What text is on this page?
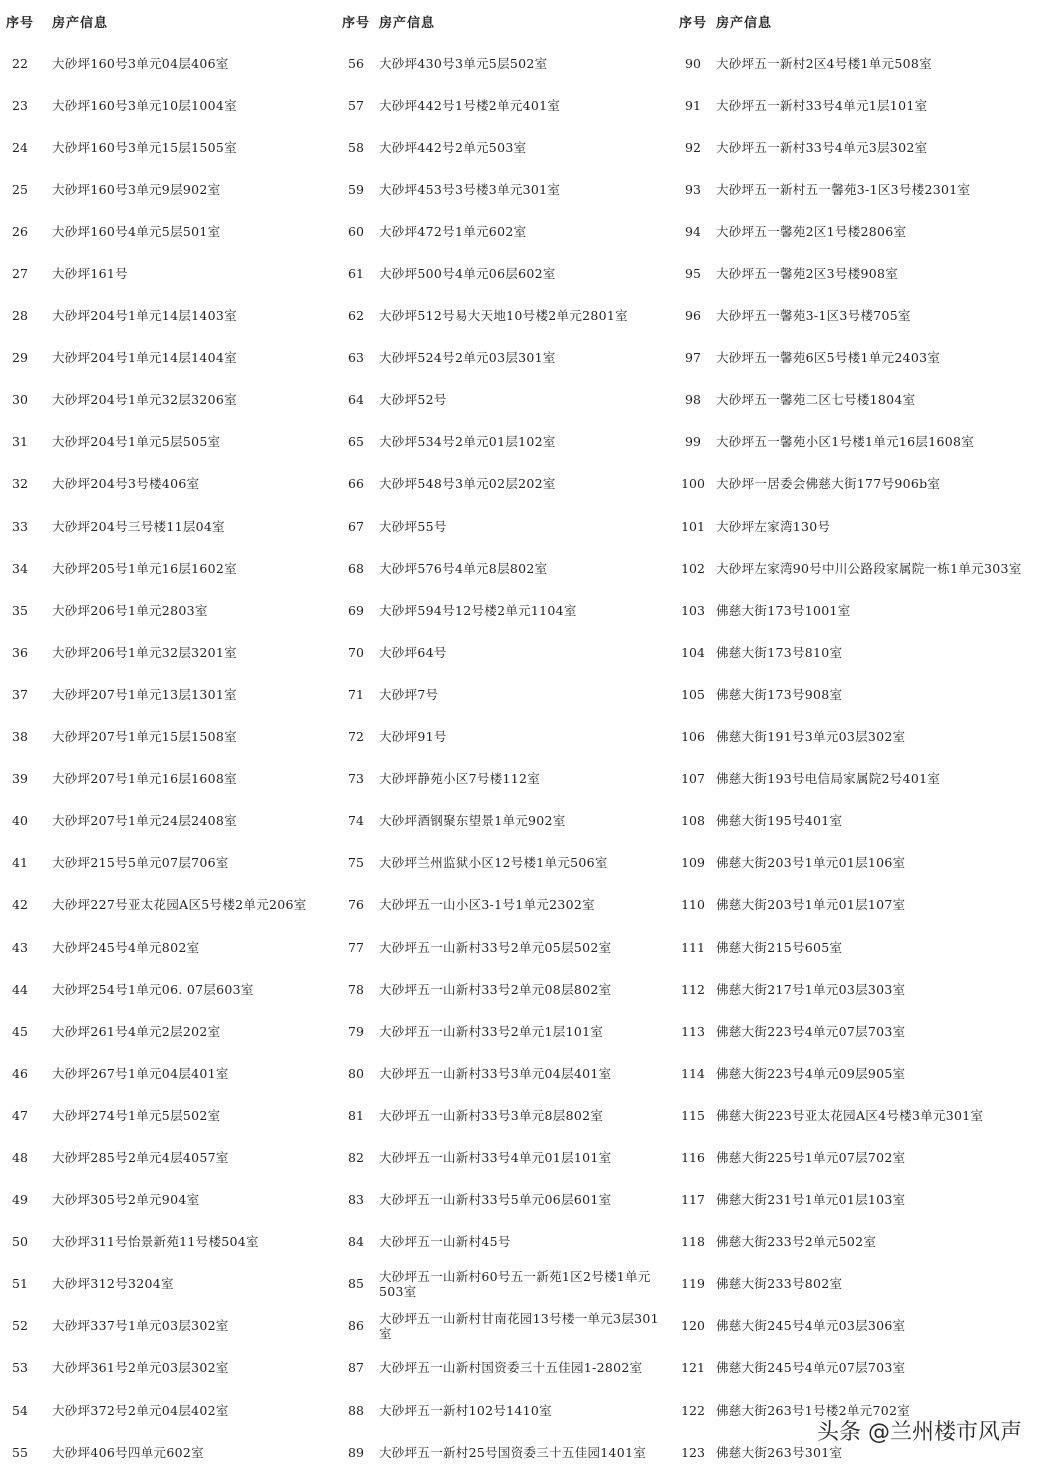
序号	房产信息
22	大砂坪160号3单元04层406室
23	大砂坪160号3单元10层1004室
24	大砂坪160号3单元15层1505室
25	大砂坪160号3单元9层902室
26	大砂坪160号4单元5层501室
27	大砂坪161号
28	大砂坪204号1单元14层1403室
29	大砂坪204号1单元14层1404室
30	大砂坪204号1单元32层3206室
31	大砂坪204号1单元5层505室
32	大砂坪204号3号楼406室
33	大砂坪204号三号楼11层04室
34	大砂坪205号1单元16层1602室
35	大砂坪206号1单元2803室
36	大砂坪206号1单元32层3201室
37	大砂坪207号1单元13层1301室
38	大砂坪207号1单元15层1508室
39	大砂坪207号1单元16层1608室
40	大砂坪207号1单元24层2408室
41	大砂坪215号5单元07层706室
42	大砂坪227号亚太花园A区5号楼2单元206室
43	大砂坪245号4单元802室
44	大砂坪254号1单元06. 07层603室
45	大砂坪261号4单元2层202室
46	大砂坪267号1单元04层401室
47	大砂坪274号1单元5层502室
48	大砂坪285号2单元4层4057室
49	大砂坪305号2单元904室
50	大砂坪311号怡景新苑11号楼504室
51	大砂坪312号3204室
52	大砂坪337号1单元03层302室
53	大砂坪361号2单元03层302室
54	大砂坪372号2单元04层402室
55	大砂坪406号四单元602室
序号 房产信息
56	大砂坪430号3单元5层502室
57	大砂坪442号1号楼2单元401室
58	大砂坪442号2单元503室
59	大砂坪453号3号楼3单元301室
60	大砂坪472号1单元602室
61	大砂坪500号4单元06层602室
62	大砂坪512号易大天地10号楼2单元2801室
63	大砂坪524号2单元03层301室
64	大砂坪52号
65	大砂坪534号2单元01层102室
66	大砂坪548号3单元02层202室
67	大砂坪55号
68	大砂坪576号4单元8层802室
69	大砂坪594号12号楼2单元1104室
70	大砂坪64号
71	大砂坪7号
72	大砂坪91号
73	大砂坪静苑小区7号楼112室
74	大砂坪酒钢聚东望景1单元902室
75	大砂坪兰州监狱小区12号楼1单元506室
76	大砂坪五一山小区3-1号1单元2302室
77	大砂坪五一山新村33号2单元05层502室
78	大砂坪五一山新村33号2单元08层802室
79	大砂坪五一山新村33号2单元1层101室
80	大砂坪五一山新村33号3单元04层401室
81	大砂坪五一山新村33号3单元8层802室
82	大砂坪五一山新村33号4单元01层101室
83	大砂坪五一山新村33号5单元06层601室
84	大砂坪五一山新村45号
85	大砂坪五一山新村60号五一新苑1区2号楼1单元503室
86	大砂坪五一山新村甘南花园13号楼一单元3层301室
87	大砂坪五一山新村国资委三十五佳园1-2802室
88	大砂坪五一新村102号1410室
89	大砂坪五一新村25号国资委三十五佳园1401室
序号 房产信息
90	大砂坪五一新村2区4号楼1单元508室
91	大砂坪五一新村33号4单元1层101室
92	大砂坪五一新村33号4单元3层302室
93	大砂坪五一新村五一馨苑3-1区3号楼2301室
94	大砂坪五一馨苑2区1号楼2806室
95	大砂坪五一馨苑2区3号楼908室
96	大砂坪五一馨苑3-1区3号楼705室
97	大砂坪五一馨苑6区5号楼1单元2403室
98	大砂坪五一馨苑二区七号楼1804室
99	大砂坪五一馨苑小区1号楼1单元16层1608室
100 大砂坪一居委会佛慈大街177号906b室
101 大砂坪左家湾130号
102 大砂坪左家湾90号中川公路段家属院一栋1单元303室
103 佛慈大街173号1001室
104 佛慈大街173号810室
105 佛慈大街173号908室
106 佛慈大街191号3单元03层302室
107 佛慈大街193号电信局家属院2号401室
108 佛慈大街195号401室
109 佛慈大街203号1单元01层106室
110 佛慈大街203号1单元01层107室
111 佛慈大街215号605室
112 佛慈大街217号1单元03层303室
113 佛慈大街223号4单元07层703室
114 佛慈大街223号4单元09层905室
115 佛慈大街223号亚太花园A区4号楼3单元301室
116 佛慈大街225号1单元07层702室
117 佛慈大街231号1单元01层103室
118 佛慈大街233号2单元502室
119 佛慈大街233号802室
120 佛慈大街245号4单元03层306室
121 佛慈大街245号4单元07层703室
122 佛慈大街263号1号楼2单元702室
123 佛慈大街263号301室
头条 @兰州楼市风声
